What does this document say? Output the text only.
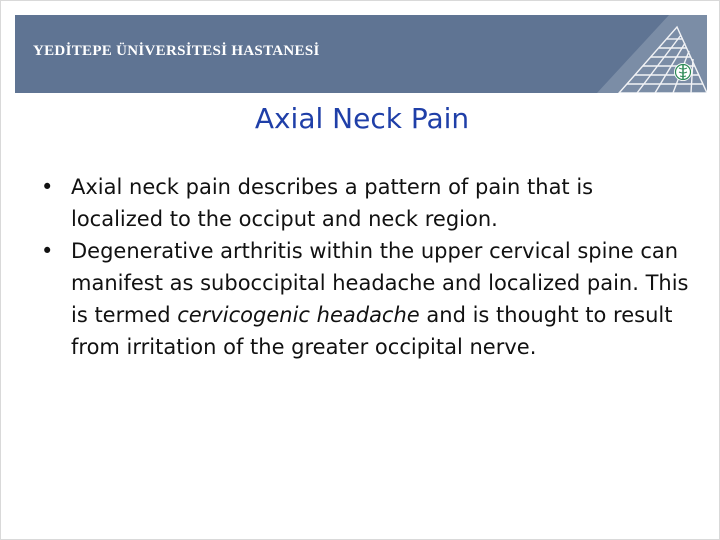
YEDİTEPE ÜNİVERSİTESİ HASTANESİ
Axial Neck Pain

• Axial neck pain describes a pattern of pain that is localized to the occiput and neck region.

• Degenerative arthritis within the upper cervical spine can manifest as suboccipital headache and localized pain. This is termed cervicogenic headache and is thought to result from irritation of the greater occipital nerve.
